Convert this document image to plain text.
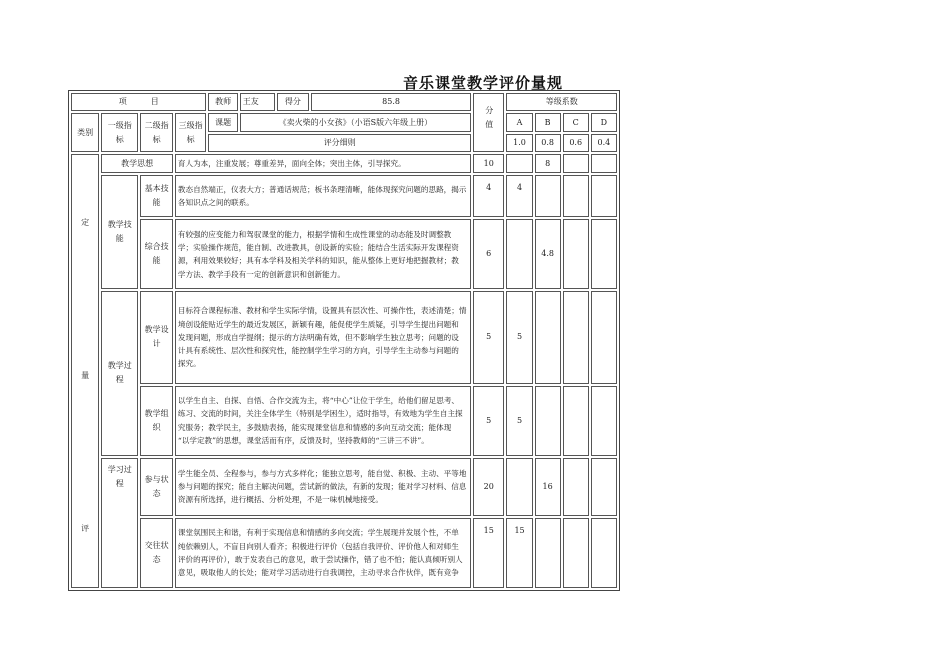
音乐课堂教学评价量规
项　　　目				教师	王友	得分	85.8	分值	等级系数			
类别	一级指标	二级指标	三级指标	课题	《卖火柴的小女孩》（小语S版六年级上册）				A	B	C	D
				评分细则					1.0	0.8	0.6	0.4

定
量
评	教学思想		育人为本，注重发展；尊重差异，面向全体；突出主体，引导探究。					10		8		
	教学技能	基本技能	教态自然端正，仪表大方；普通话规范；板书条理清晰，能体现探究问题的思路，揭示
各知识点之间的联系。					4	4			
		综合技能	有较强的应变能力和驾驭课堂的能力，根据学情和生成性课堂的动态能及时调整教
学；实验操作规范，能自制、改进教具，创设新的实验；能结合生活实际开发课程资
源，利用效果较好；具有本学科及相关学科的知识，能从整体上更好地把握教材；教
学方法、教学手段有一定的创新意识和创新能力。					6		4.8		
	教学过程	教学设计	目标符合课程标准、教材和学生实际学情，设置具有层次性、可操作性，表述清楚；情
境创设能贴近学生的最近发展区，新颖有趣，能促使学生质疑，引导学生提出问题和
发现问题，形成自学提纲；提示的方法明确有效，但不影响学生独立思考；问题的设
计具有系统性、层次性和探究性，能控制学生学习的方向，引导学生主动参与问题的
探究。					5	5			
		教学组织	以学生自主、自探、自悟、合作交流为主，将“中心”让位于学生，给他们留足思考、
练习、交流的时间，关注全体学生（特别是学困生），适时指导，有效地为学生自主探
究服务；教学民主，多鼓励表扬，能实现课堂信息和情感的多向互动交流；能体现
“以学定教”的思想，课堂活而有序，反馈及时，坚持教师的“三讲三不讲”。					5	5			
	学习过程	参与状态	学生能全员、全程参与，参与方式多样化；能独立思考，能自觉、积极、主动、平等地
参与问题的探究；能自主解决问题，尝试新的做法，有新的发现；能对学习材料、信息
资源有所选择，进行概括、分析处理，不是一味机械地接受。					20		16		
		交往状态	课堂氛围民主和谐，有利于实现信息和情感的多向交流；学生展现并发展个性，不单
纯依赖别人，不盲目向别人看齐；积极进行评价（包括自我评价、评价他人和对师生
评价的再评价），敢于发表自己的意见，敢于尝试操作，错了也不怕；能认真倾听别人
意见，吸取他人的长处；能对学习活动进行自我调控，主动寻求合作伙伴，既有竞争					15	15			
